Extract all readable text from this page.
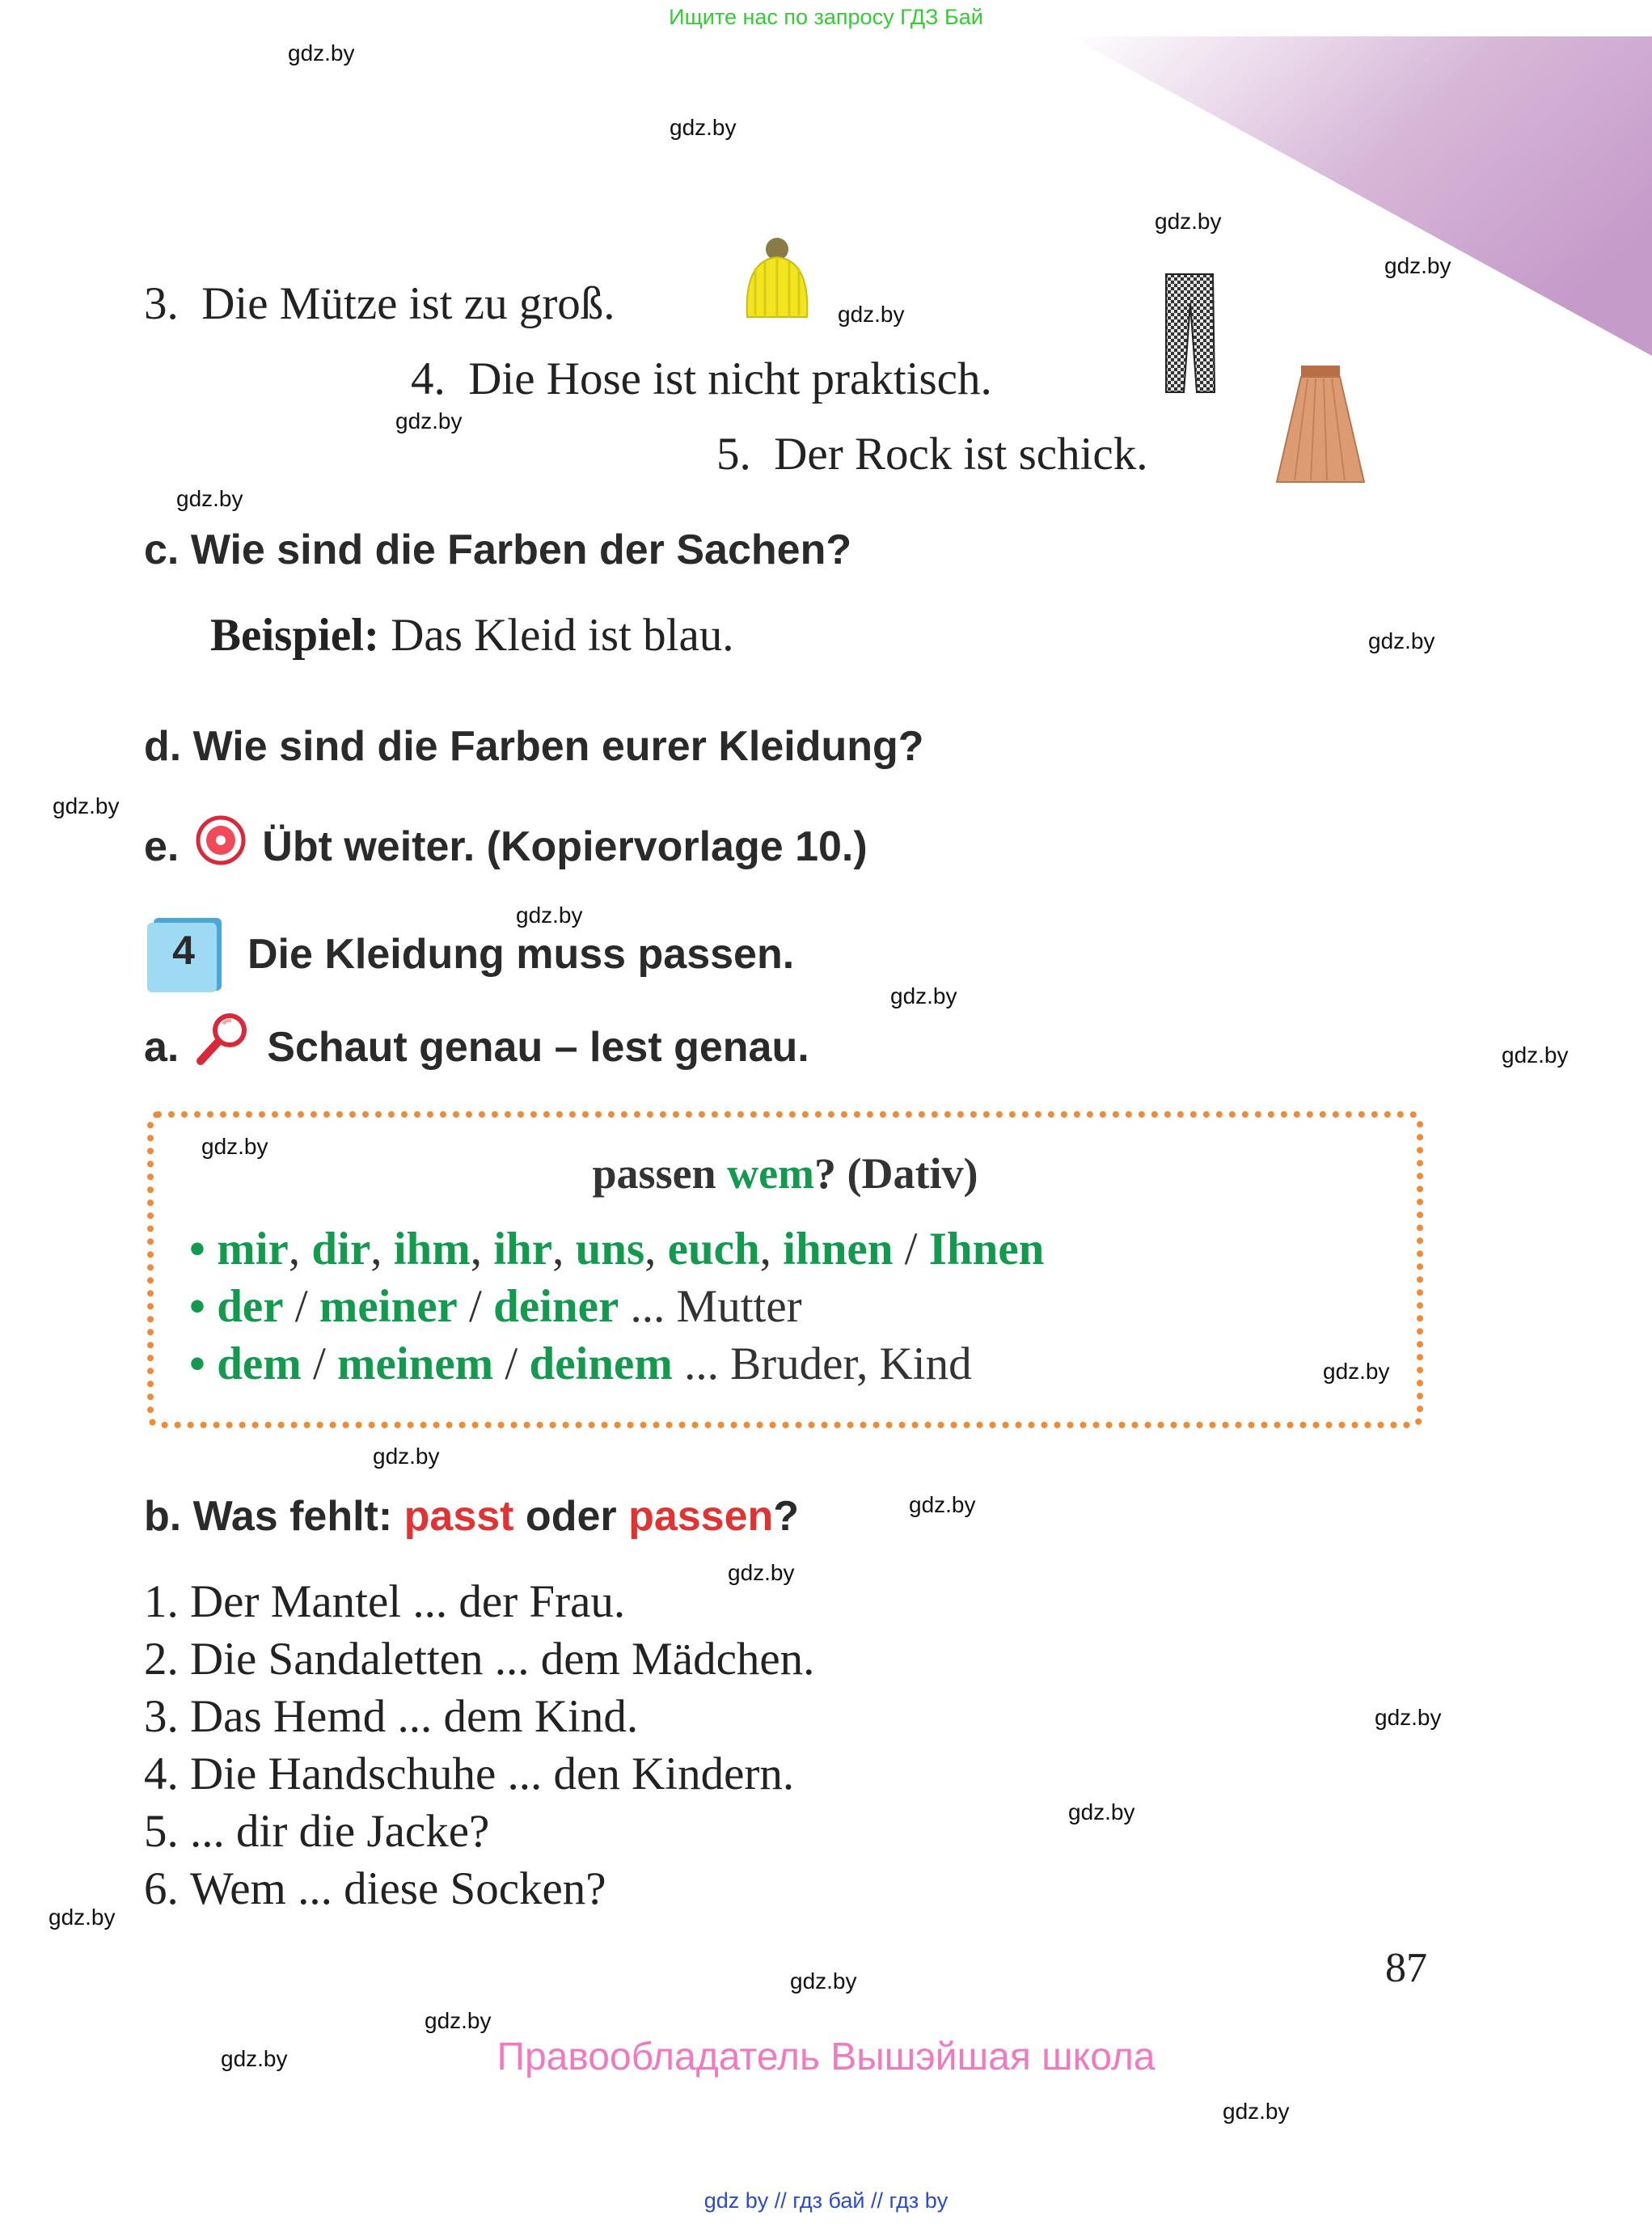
Ищите нас по запросу ГДЗ Бай
gdz.by
gdz.by
gdz.by
gdz.by
gdz.by
gdz.by
gdz.by
gdz.by
gdz.by
gdz.by
gdz.by
gdz.by
gdz.by
gdz.by
gdz.by
gdz.by
gdz.by
gdz.by
gdz.by
gdz.by
gdz.by
gdz.by
gdz.by
gdz.by
3. Die Mütze ist zu groß.
4. Die Hose ist nicht praktisch.
5. Der Rock ist schick.
c. Wie sind die Farben der Sachen?
Beispiel: Das Kleid ist blau.
d. Wie sind die Farben eurer Kleidung?
e. Übt weiter. (Kopiervorlage 10.)
4	Die Kleidung muss passen.
a. Schaut genau – lest genau.
passen wem? (Dativ)
• mir, dir, ihm, ihr, uns, euch, ihnen / Ihnen
• der / meiner / deiner ... Mutter
• dem / meinem / deinem ... Bruder, Kind
b. Was fehlt: passt oder passen?
1. Der Mantel ... der Frau.
2. Die Sandaletten ... dem Mädchen.
3. Das Hemd ... dem Kind.
4. Die Handschuhe ... den Kindern.
5. ... dir die Jacke?
6. Wem ... diese Socken?
87
Правообладатель Вышэйшая школа
gdz by // гдз бай // гдз by
